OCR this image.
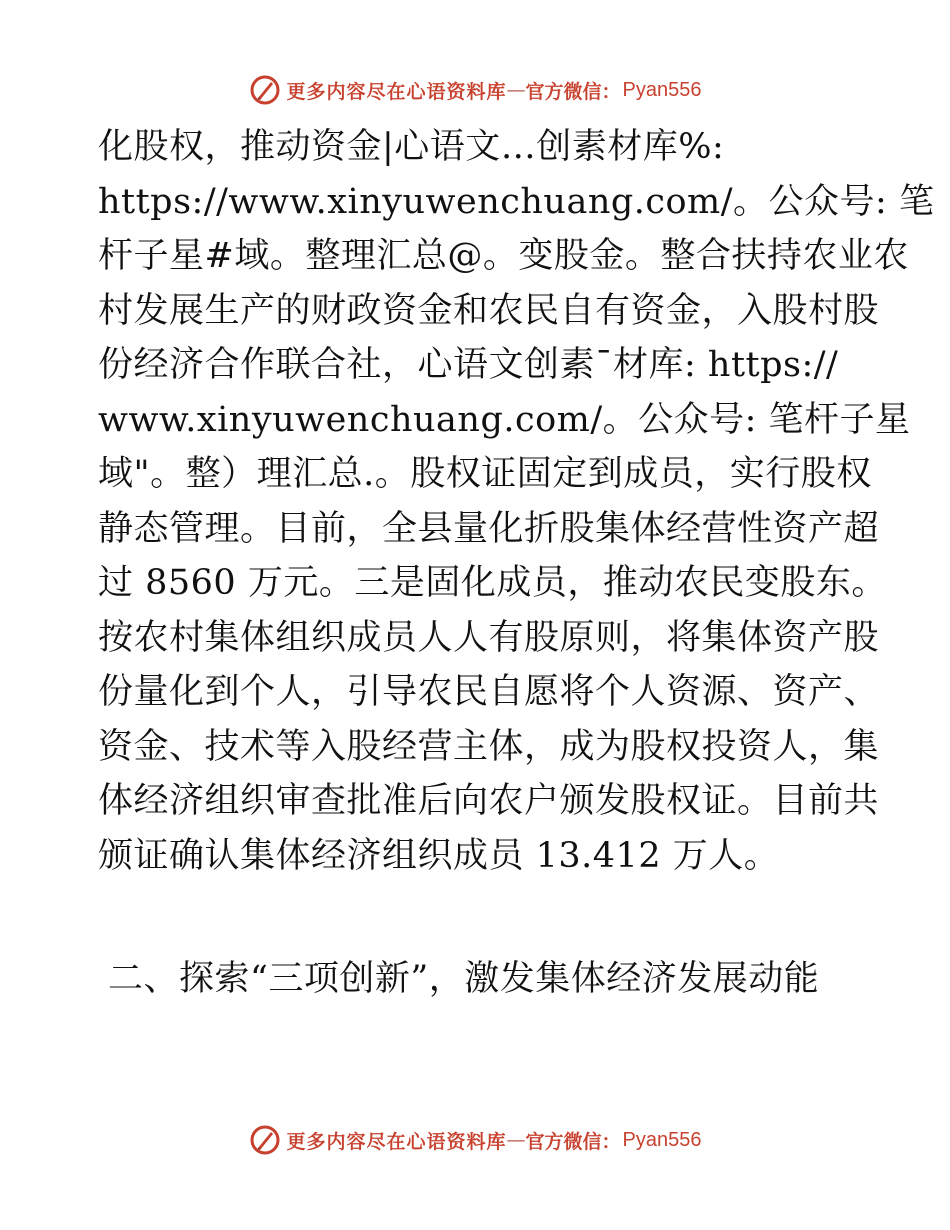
更多内容尽在心语资料库 — 官方微信： Pyan556
化股权，推动资金|心语文…创素材库%:
https://www.xinyuwenchuang.com/。公众号: 笔
杆子星#域。整理汇总@。变股金。整合扶持农业农
村发展生产的财政资金和农民自有资金，入股村股
份经济合作联合社，心语文创素¯材库: https://
www.xinyuwenchuang.com/。公众号: 笔杆子星
域"。整）理汇总.。股权证固定到成员，实行股权
静态管理。目前，全县量化折股集体经营性资产超
过 8560 万元。三是固化成员，推动农民变股东。
按农村集体组织成员人人有股原则，将集体资产股
份量化到个人，引导农民自愿将个人资源、资产、
资金、技术等入股经营主体，成为股权投资人，集
体经济组织审查批准后向农户颁发股权证。目前共
颁证确认集体经济组织成员 13.412 万人。
二、探索“三项创新”，激发集体经济发展动能
更多内容尽在心语资料库 — 官方微信： Pyan556
